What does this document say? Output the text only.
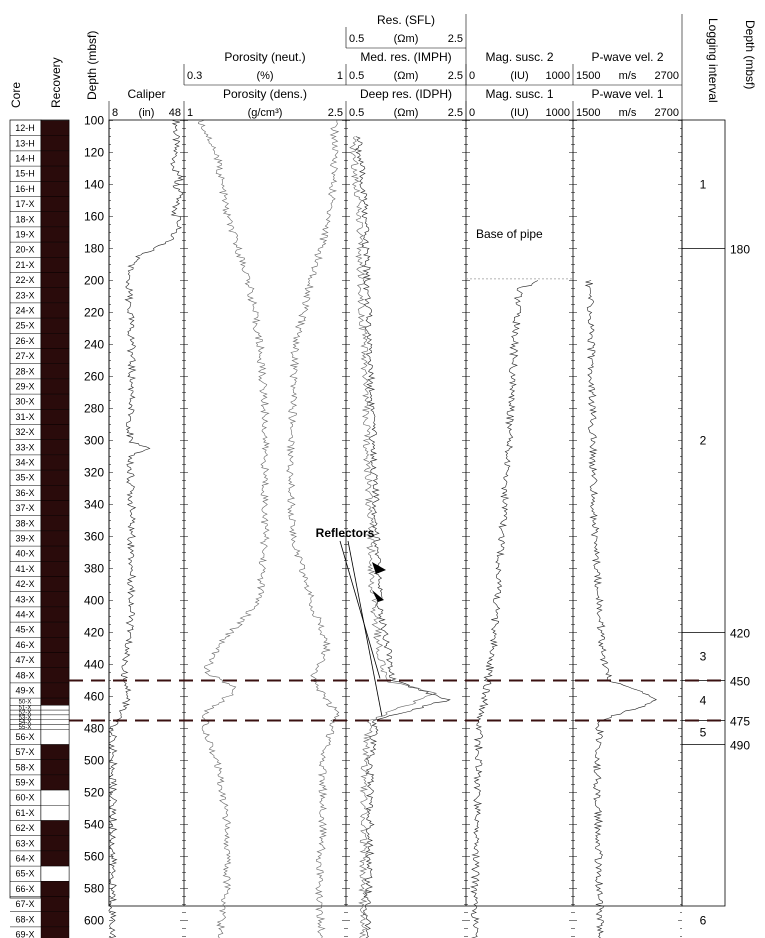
Core Recovery
12-H
13-H
14-H
15-H
16-H
17-X
18-X
19-X
20-X
21-X
22-X
23-X
24-X
25-X
26-X
27-X
28-X
29-X
30-X
31-X
32-X
33-X
34-X
35-X
36-X
37-X
38-X
39-X
40-X
41-X
42-X
43-X
44-X
45-X
46-X
47-X
48-X
49-X
50-X
51-X
52-X
53-X
54-X
55-X
56-X
57-X
58-X
59-X
60-X
61-X
62-X
63-X
64-X
65-X
66-X
67-X
68-X
69-X
Depth (mbsf)
100
120
140
160
180
200
220
240
260
280
300
320
340
360
380
400
420
440
460
480
500
520
540
560
580
600
Caliper
8 (in) 48
Porosity (dens.)
1	(g/cm³)	2.5
Porosity (neut.)
0.3	(%)	1
Deep res. (IDPH)
0.5	(Ωm)	2.5
Med. res. (IMPH)
0.5	(Ωm)	2.5
Res. (SFL)
0.5	(Ωm)	2.5
Mag. susc. 1
0	(IU) 1000
Mag. susc. 2
0	(IU) 1000
P-wave vel. 1
1500 m/s 2700
P-wave vel. 2
1500 m/s 2700 Logging interval Depth (mbsf)
180
420
450
475
490
1
2
3
4
5
6
Reflectors
Base of pipe
